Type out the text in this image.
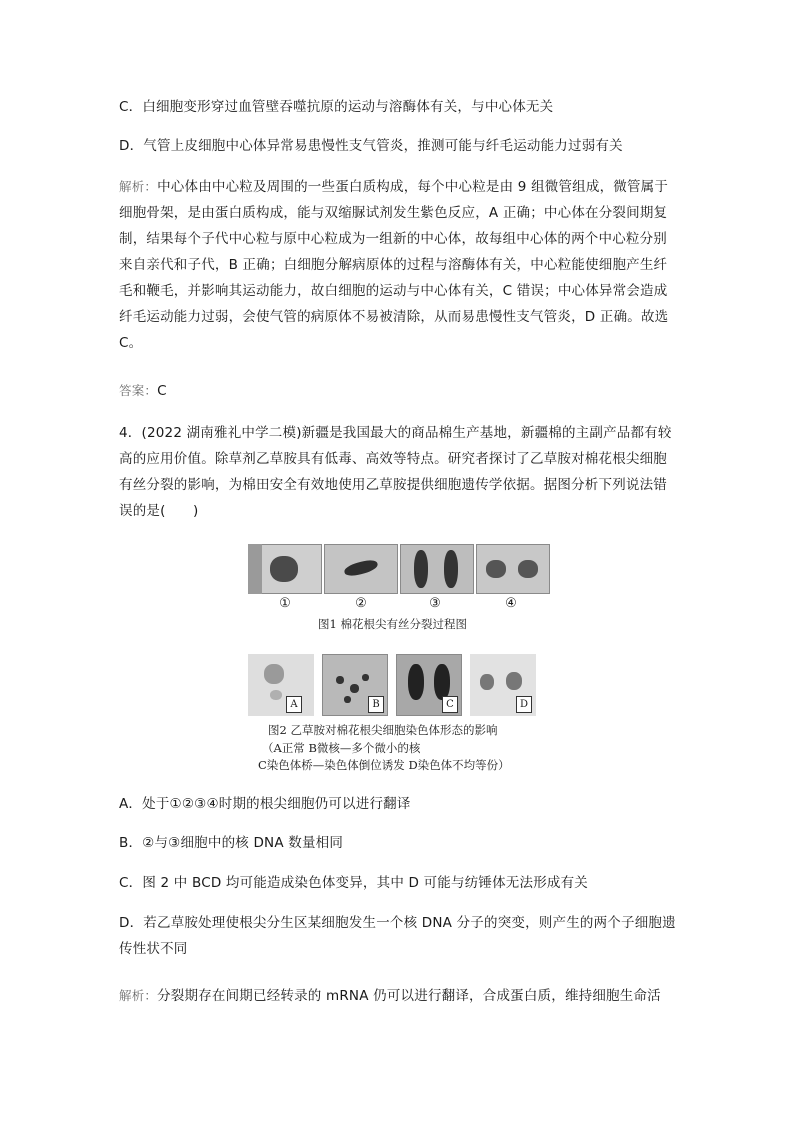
C．白细胞变形穿过血管壁吞噬抗原的运动与溶酶体有关，与中心体无关
D．气管上皮细胞中心体异常易患慢性支气管炎，推测可能与纤毛运动能力过弱有关
解析：中心体由中心粒及周围的一些蛋白质构成，每个中心粒是由 9 组微管组成，微管属于细胞骨架，是由蛋白质构成，能与双缩脲试剂发生紫色反应，A 正确；中心体在分裂间期复制，结果每个子代中心粒与原中心粒成为一组新的中心体，故每组中心体的两个中心粒分别来自亲代和子代，B 正确；白细胞分解病原体的过程与溶酶体有关，中心粒能使细胞产生纤毛和鞭毛，并影响其运动能力，故白细胞的运动与中心体有关，C 错误；中心体异常会造成纤毛运动能力过弱，会使气管的病原体不易被清除，从而易患慢性支气管炎，D 正确。故选 C。
答案：C
4．(2022 湖南雅礼中学二模)新疆是我国最大的商品棉生产基地，新疆棉的主副产品都有较高的应用价值。除草剂乙草胺具有低毒、高效等特点。研究者探讨了乙草胺对棉花根尖细胞有丝分裂的影响，为棉田安全有效地使用乙草胺提供细胞遗传学依据。据图分析下列说法错误的是(　　)
①	②	③	④
图1 棉花根尖有丝分裂过程图
A	B	C	D
图2 乙草胺对棉花根尖细胞染色体形态的影响
（A正常 B微核—多个微小的核
C染色体桥—染色体倒位诱发 D染色体不均等份）
A．处于①②③④时期的根尖细胞仍可以进行翻译
B．②与③细胞中的核 DNA 数量相同
C．图 2 中 BCD 均可能造成染色体变异，其中 D 可能与纺锤体无法形成有关
D．若乙草胺处理使根尖分生区某细胞发生一个核 DNA 分子的突变，则产生的两个子细胞遗传性状不同
解析：分裂期存在间期已经转录的 mRNA 仍可以进行翻译，合成蛋白质，维持细胞生命活
